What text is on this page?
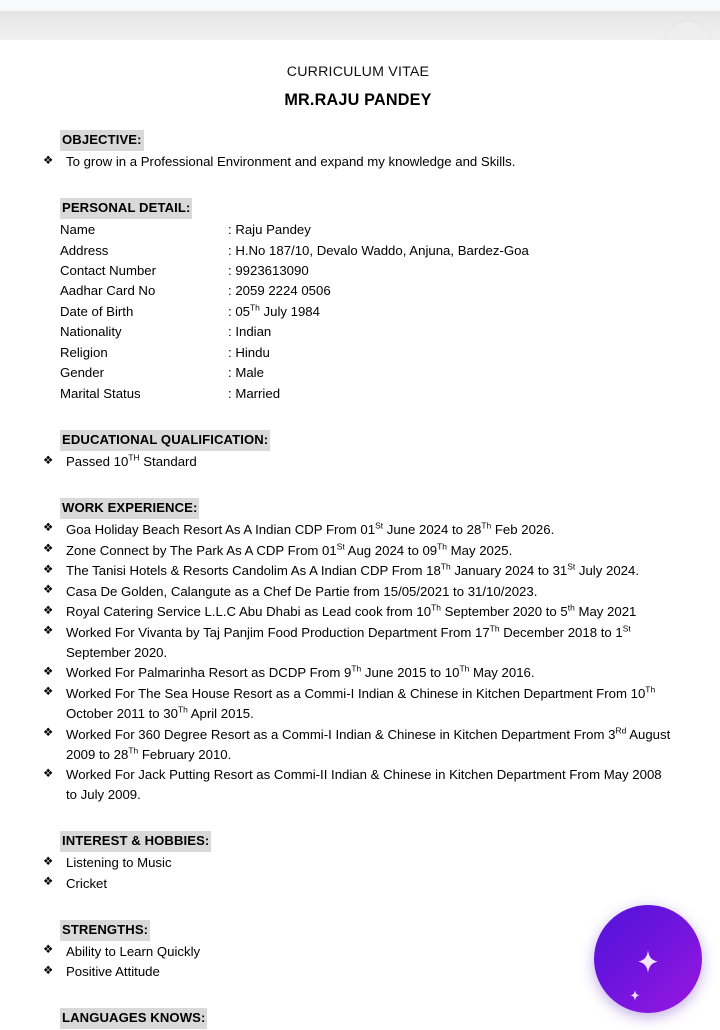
CURRICULUM VITAE
MR.RAJU PANDEY
OBJECTIVE:
❖ To grow in a Professional Environment and expand my knowledge and Skills.
PERSONAL DETAIL:
Name	: Raju Pandey
Address	: H.No 187/10, Devalo Waddo, Anjuna, Bardez-Goa
Contact Number	: 9923613090
Aadhar Card No	: 2059 2224 0506
Date of Birth	: 05Th July 1984
Nationality	: Indian
Religion	: Hindu
Gender	: Male
Marital Status	: Married
EDUCATIONAL QUALIFICATION:
❖ Passed 10TH Standard
WORK EXPERIENCE:
❖ Goa Holiday Beach Resort As A Indian CDP From 01St June 2024 to 28Th Feb 2026.
❖ Zone Connect by The Park As A CDP From 01St Aug 2024 to 09Th May 2025.
❖ The Tanisi Hotels & Resorts Candolim As A Indian CDP From 18Th January 2024 to 31St July 2024.
❖ Casa De Golden, Calangute as a Chef De Partie from 15/05/2021 to 31/10/2023.
❖ Royal Catering Service L.L.C Abu Dhabi as Lead cook from 10Th September 2020 to 5th May 2021
❖ Worked For Vivanta by Taj Panjim Food Production Department From 17Th December 2018 to 1St September 2020.
❖ Worked For Palmarinha Resort as DCDP From 9Th June 2015 to 10Th May 2016.
❖ Worked For The Sea House Resort as a Commi-I Indian & Chinese in Kitchen Department From 10Th October 2011 to 30Th April 2015.
❖ Worked For 360 Degree Resort as a Commi-I Indian & Chinese in Kitchen Department From 3Rd August 2009 to 28Th February 2010.
❖ Worked For Jack Putting Resort as Commi-II Indian & Chinese in Kitchen Department From May 2008 to July 2009.
INTEREST & HOBBIES:
❖ Listening to Music
❖ Cricket
STRENGTHS:
❖ Ability to Learn Quickly
❖ Positive Attitude
LANGUAGES KNOWS:
